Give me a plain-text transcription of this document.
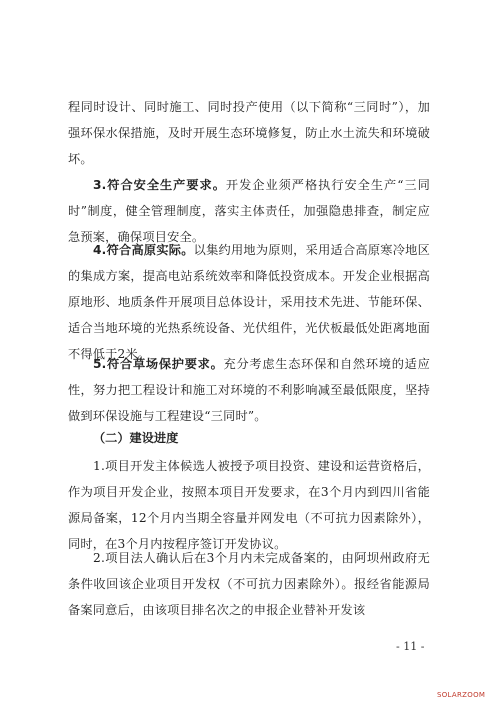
程同时设计、同时施工、同时投产使用（以下简称“三同时”），加强环保水保措施，及时开展生态环境修复，防止水土流失和环境破坏。

3.符合安全生产要求。开发企业须严格执行安全生产“三同时”制度，健全管理制度，落实主体责任，加强隐患排查，制定应急预案，确保项目安全。

4.符合高原实际。以集约用地为原则，采用适合高原寒冷地区的集成方案，提高电站系统效率和降低投资成本。开发企业根据高原地形、地质条件开展项目总体设计，采用技术先进、节能环保、适合当地环境的光热系统设备、光伏组件，光伏板最低处距离地面不得低于2米。

5.符合草场保护要求。充分考虑生态环保和自然环境的适应性，努力把工程设计和施工对环境的不利影响减至最低限度，坚持做到环保设施与工程建设“三同时”。

（二）建设进度

1.项目开发主体候选人被授予项目投资、建设和运营资格后，作为项目开发企业，按照本项目开发要求，在3个月内到四川省能源局备案，12个月内当期全容量并网发电（不可抗力因素除外），同时，在3个月内按程序签订开发协议。

2.项目法人确认后在3个月内未完成备案的，由阿坝州政府无条件收回该企业项目开发权（不可抗力因素除外）。报经省能源局备案同意后，由该项目排名次之的申报企业替补开发该

- 11 -

SOLARZOOM
